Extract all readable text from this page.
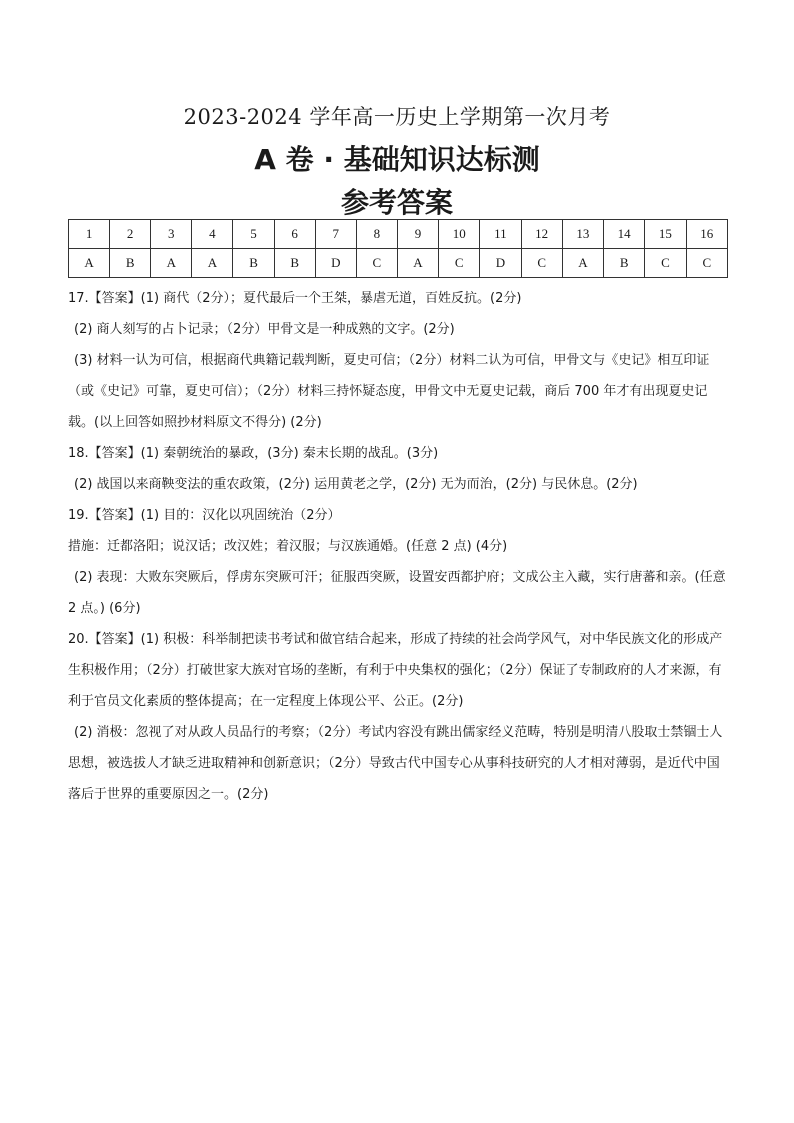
2023-2024 学年高一历史上学期第一次月考
A 卷 · 基础知识达标测
参考答案
1	2	3	4	5	6	7	8	9	10	11	12	13	14	15	16
A	B	A	A	B	B	D	C	A	C	D	C	A	B	C	C

17.【答案】(1) 商代（2分）；夏代最后一个王桀，暴虐无道，百姓反抗。(2分)

(2) 商人刻写的占卜记录；（2分）甲骨文是一种成熟的文字。(2分)

(3) 材料一认为可信，根据商代典籍记载判断，夏史可信；（2分）材料二认为可信，甲骨文与《史记》相互印证（或《史记》可靠，夏史可信）；（2分）材料三持怀疑态度，甲骨文中无夏史记载，商后 700 年才有出现夏史记载。(以上回答如照抄材料原文不得分) (2分)

18.【答案】(1) 秦朝统治的暴政，(3分) 秦末长期的战乱。(3分)

(2) 战国以来商鞅变法的重农政策，(2分) 运用黄老之学，(2分) 无为而治，(2分) 与民休息。(2分)

19.【答案】(1) 目的：汉化以巩固统治（2分）

措施：迁都洛阳；说汉话；改汉姓；着汉服；与汉族通婚。(任意 2 点) (4分)

(2) 表现：大败东突厥后，俘虏东突厥可汗；征服西突厥，设置安西都护府；文成公主入藏，实行唐蕃和亲。(任意 2 点。) (6分)

20.【答案】(1) 积极：科举制把读书考试和做官结合起来，形成了持续的社会尚学风气，对中华民族文化的形成产生积极作用；（2分）打破世家大族对官场的垄断，有利于中央集权的强化；（2分）保证了专制政府的人才来源，有利于官员文化素质的整体提高；在一定程度上体现公平、公正。(2分)

(2) 消极：忽视了对从政人员品行的考察；（2分）考试内容没有跳出儒家经义范畴，特别是明清八股取士禁锢士人思想，被选拔人才缺乏进取精神和创新意识；（2分）导致古代中国专心从事科技研究的人才相对薄弱，是近代中国落后于世界的重要原因之一。(2分)
